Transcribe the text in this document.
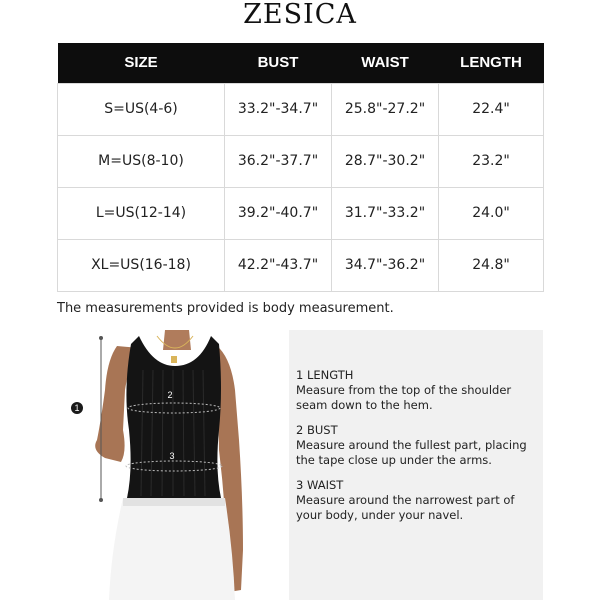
ZESICA
SIZE	BUST	WAIST	LENGTH
S=US(4-6)	33.2"-34.7"	25.8"-27.2"	22.4"
M=US(8-10)	36.2"-37.7"	28.7"-30.2"	23.2"
L=US(12-14)	39.2"-40.7"	31.7"-33.2"	24.0"
XL=US(16-18)	42.2"-43.7"	34.7"-36.2"	24.8"
The measurements provided is body measurement.
1
2
3
1 LENGTH
Measure from the top of the shoulder seam down to the hem.
2 BUST
Measure around the fullest part, placing the tape close up under the arms.
3 WAIST
Measure around the narrowest part of your body, under your navel.
